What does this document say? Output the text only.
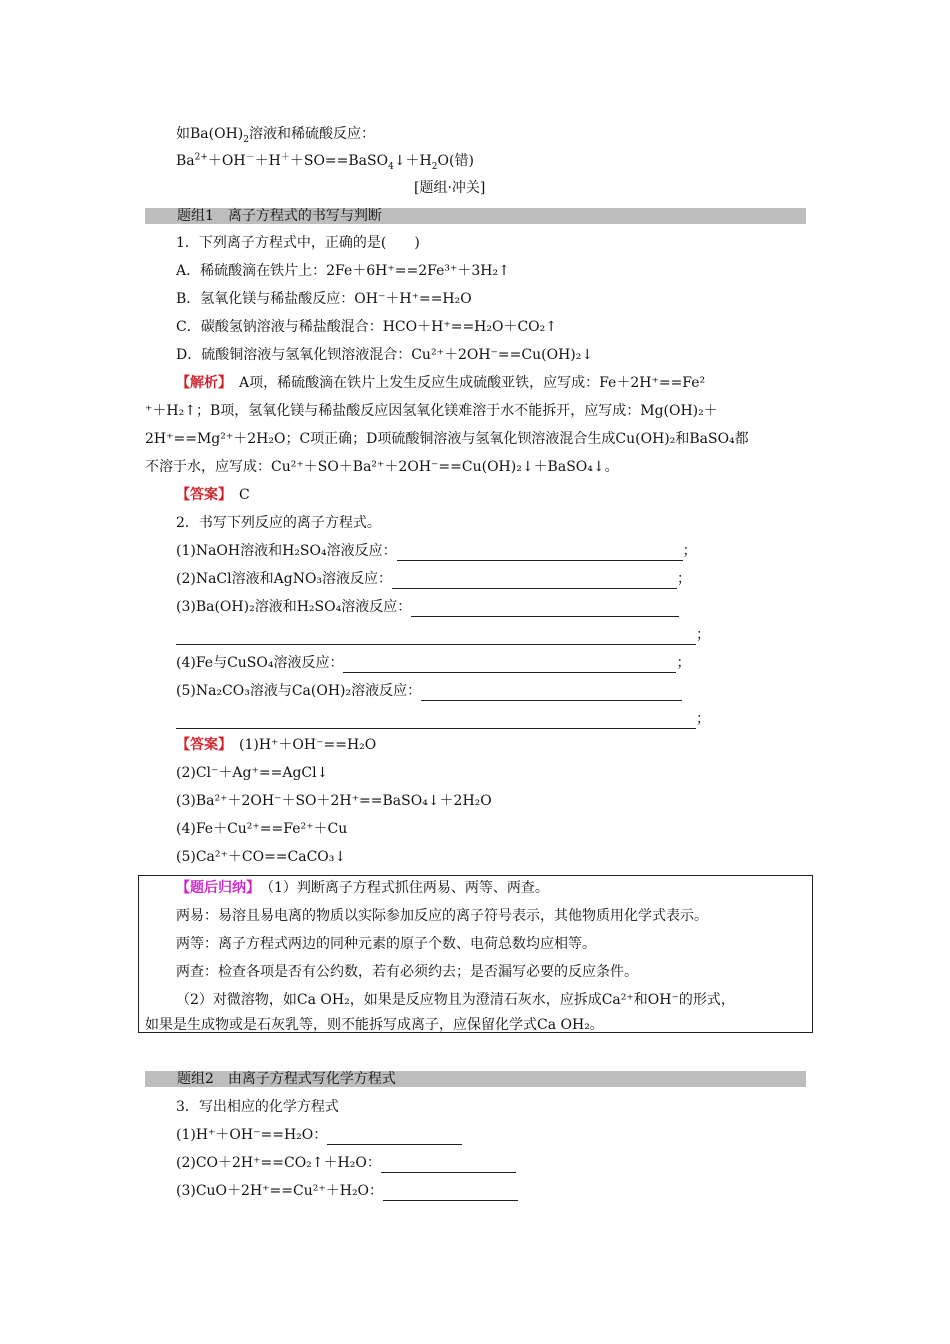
如$Ba(OH)_2$溶液和稀硫酸反应：
$Ba^{2+}+OH^-+H^++SO==BaSO_4↓+H_2O$(错)
[题组·冲关]
题组1　离子方程式的书写与判断
1．下列离子方程式中，正确的是(　　)
A．稀硫酸滴在铁片上：2Fe＋6H⁺==2Fe³⁺＋3H₂↑
B．氢氧化镁与稀盐酸反应：OH⁻＋H⁺==H₂O
C．碳酸氢钠溶液与稀盐酸混合：HCO＋H⁺==H₂O＋CO₂↑
D．硫酸铜溶液与氢氧化钡溶液混合：Cu²⁺＋2OH⁻==Cu(OH)₂↓
【解析】　 A项，稀硫酸滴在铁片上发生反应生成硫酸亚铁，应写成：Fe＋2H⁺==Fe²
⁺＋H₂↑；B项，氢氧化镁与稀盐酸反应因氢氧化镁难溶于水不能拆开，应写成：Mg(OH)₂＋
2H⁺==Mg²⁺＋2H₂O；C项正确；D项硫酸铜溶液与氢氧化钡溶液混合生成Cu(OH)₂和BaSO₄都
不溶于水，应写成：Cu²⁺＋SO＋Ba²⁺＋2OH⁻==Cu(OH)₂↓＋BaSO₄↓。
【答案】　 C
2．书写下列反应的离子方程式。
(1)NaOH溶液和H₂SO₄溶液反应：	；
(2)NaCl溶液和AgNO₃溶液反应：	；
(3)Ba(OH)₂溶液和H₂SO₄溶液反应：
；
(4)Fe与CuSO₄溶液反应：	；
(5)Na₂CO₃溶液与Ca(OH)₂溶液反应：
；
【答案】　 (1)H⁺＋OH⁻==H₂O
(2)Cl⁻＋Ag⁺==AgCl↓
(3)Ba²⁺＋2OH⁻＋SO＋2H⁺==BaSO₄↓＋2H₂O
(4)Fe＋Cu²⁺==Fe²⁺＋Cu
(5)Ca²⁺＋CO==CaCO₃↓
【题后归纳】　 （1）判断离子方程式抓住两易、两等、两查。
两易：易溶且易电离的物质以实际参加反应的离子符号表示，其他物质用化学式表示。
两等：离子方程式两边的同种元素的原子个数、电荷总数均应相等。
两查：检查各项是否有公约数，若有必须约去；是否漏写必要的反应条件。
（2）对微溶物，如Ca OH₂，如果是反应物且为澄清石灰水，应拆成Ca²⁺和OH⁻的形式，
如果是生成物或是石灰乳等，则不能拆写成离子，应保留化学式Ca OH₂。
题组2　由离子方程式写化学方程式
3．写出相应的化学方程式
(1)H⁺＋OH⁻==H₂O：
(2)CO＋2H⁺==CO₂↑＋H₂O：
(3)CuO＋2H⁺==Cu²⁺＋H₂O：
